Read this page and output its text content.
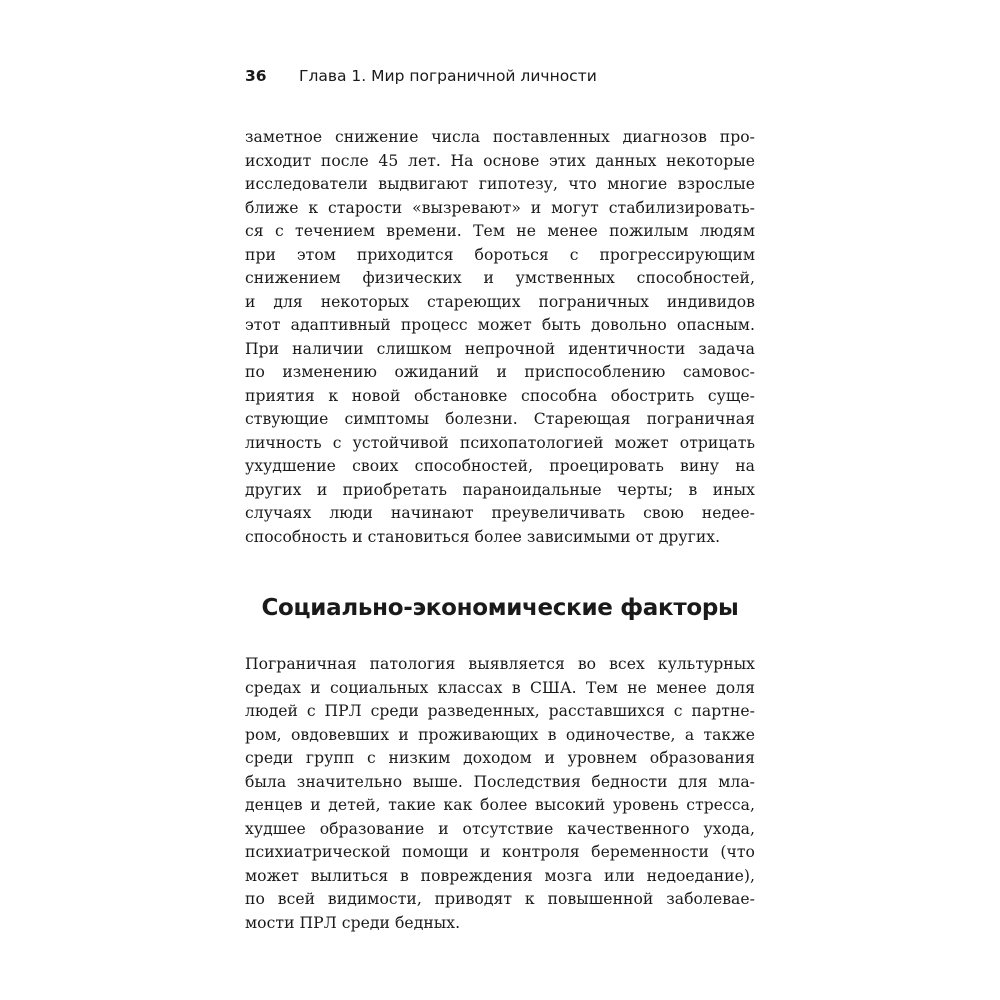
36 Глава 1. Мир пограничной личности

заметное снижение числа поставленных диагнозов про-
исходит после 45 лет. На основе этих данных некоторые
исследователи выдвигают гипотезу, что многие взрослые
ближе к старости «вызревают» и могут стабилизировать-
ся с течением времени. Тем не менее пожилым людям
при этом приходится бороться с прогрессирующим
снижением физических и умственных способностей,
и для некоторых стареющих пограничных индивидов
этот адаптивный процесс может быть довольно опасным.
При наличии слишком непрочной идентичности задача
по изменению ожиданий и приспособлению самовос-
приятия к новой обстановке способна обострить суще-
ствующие симптомы болезни. Стареющая пограничная
личность с устойчивой психопатологией может отрицать
ухудшение своих способностей, проецировать вину на
других и приобретать параноидальные черты; в иных
случаях люди начинают преувеличивать свою недее-
способность и становиться более зависимыми от других.

Социально-экономические факторы

Пограничная патология выявляется во всех культурных
средах и социальных классах в США. Тем не менее доля
людей с ПРЛ среди разведенных, расставшихся с партне-
ром, овдовевших и проживающих в одиночестве, а также
среди групп с низким доходом и уровнем образования
была значительно выше. Последствия бедности для мла-
денцев и детей, такие как более высокий уровень стресса,
худшее образование и отсутствие качественного ухода,
психиатрической помощи и контроля беременности (что
может вылиться в повреждения мозга или недоедание),
по всей видимости, приводят к повышенной заболевае-
мости ПРЛ среди бедных.
